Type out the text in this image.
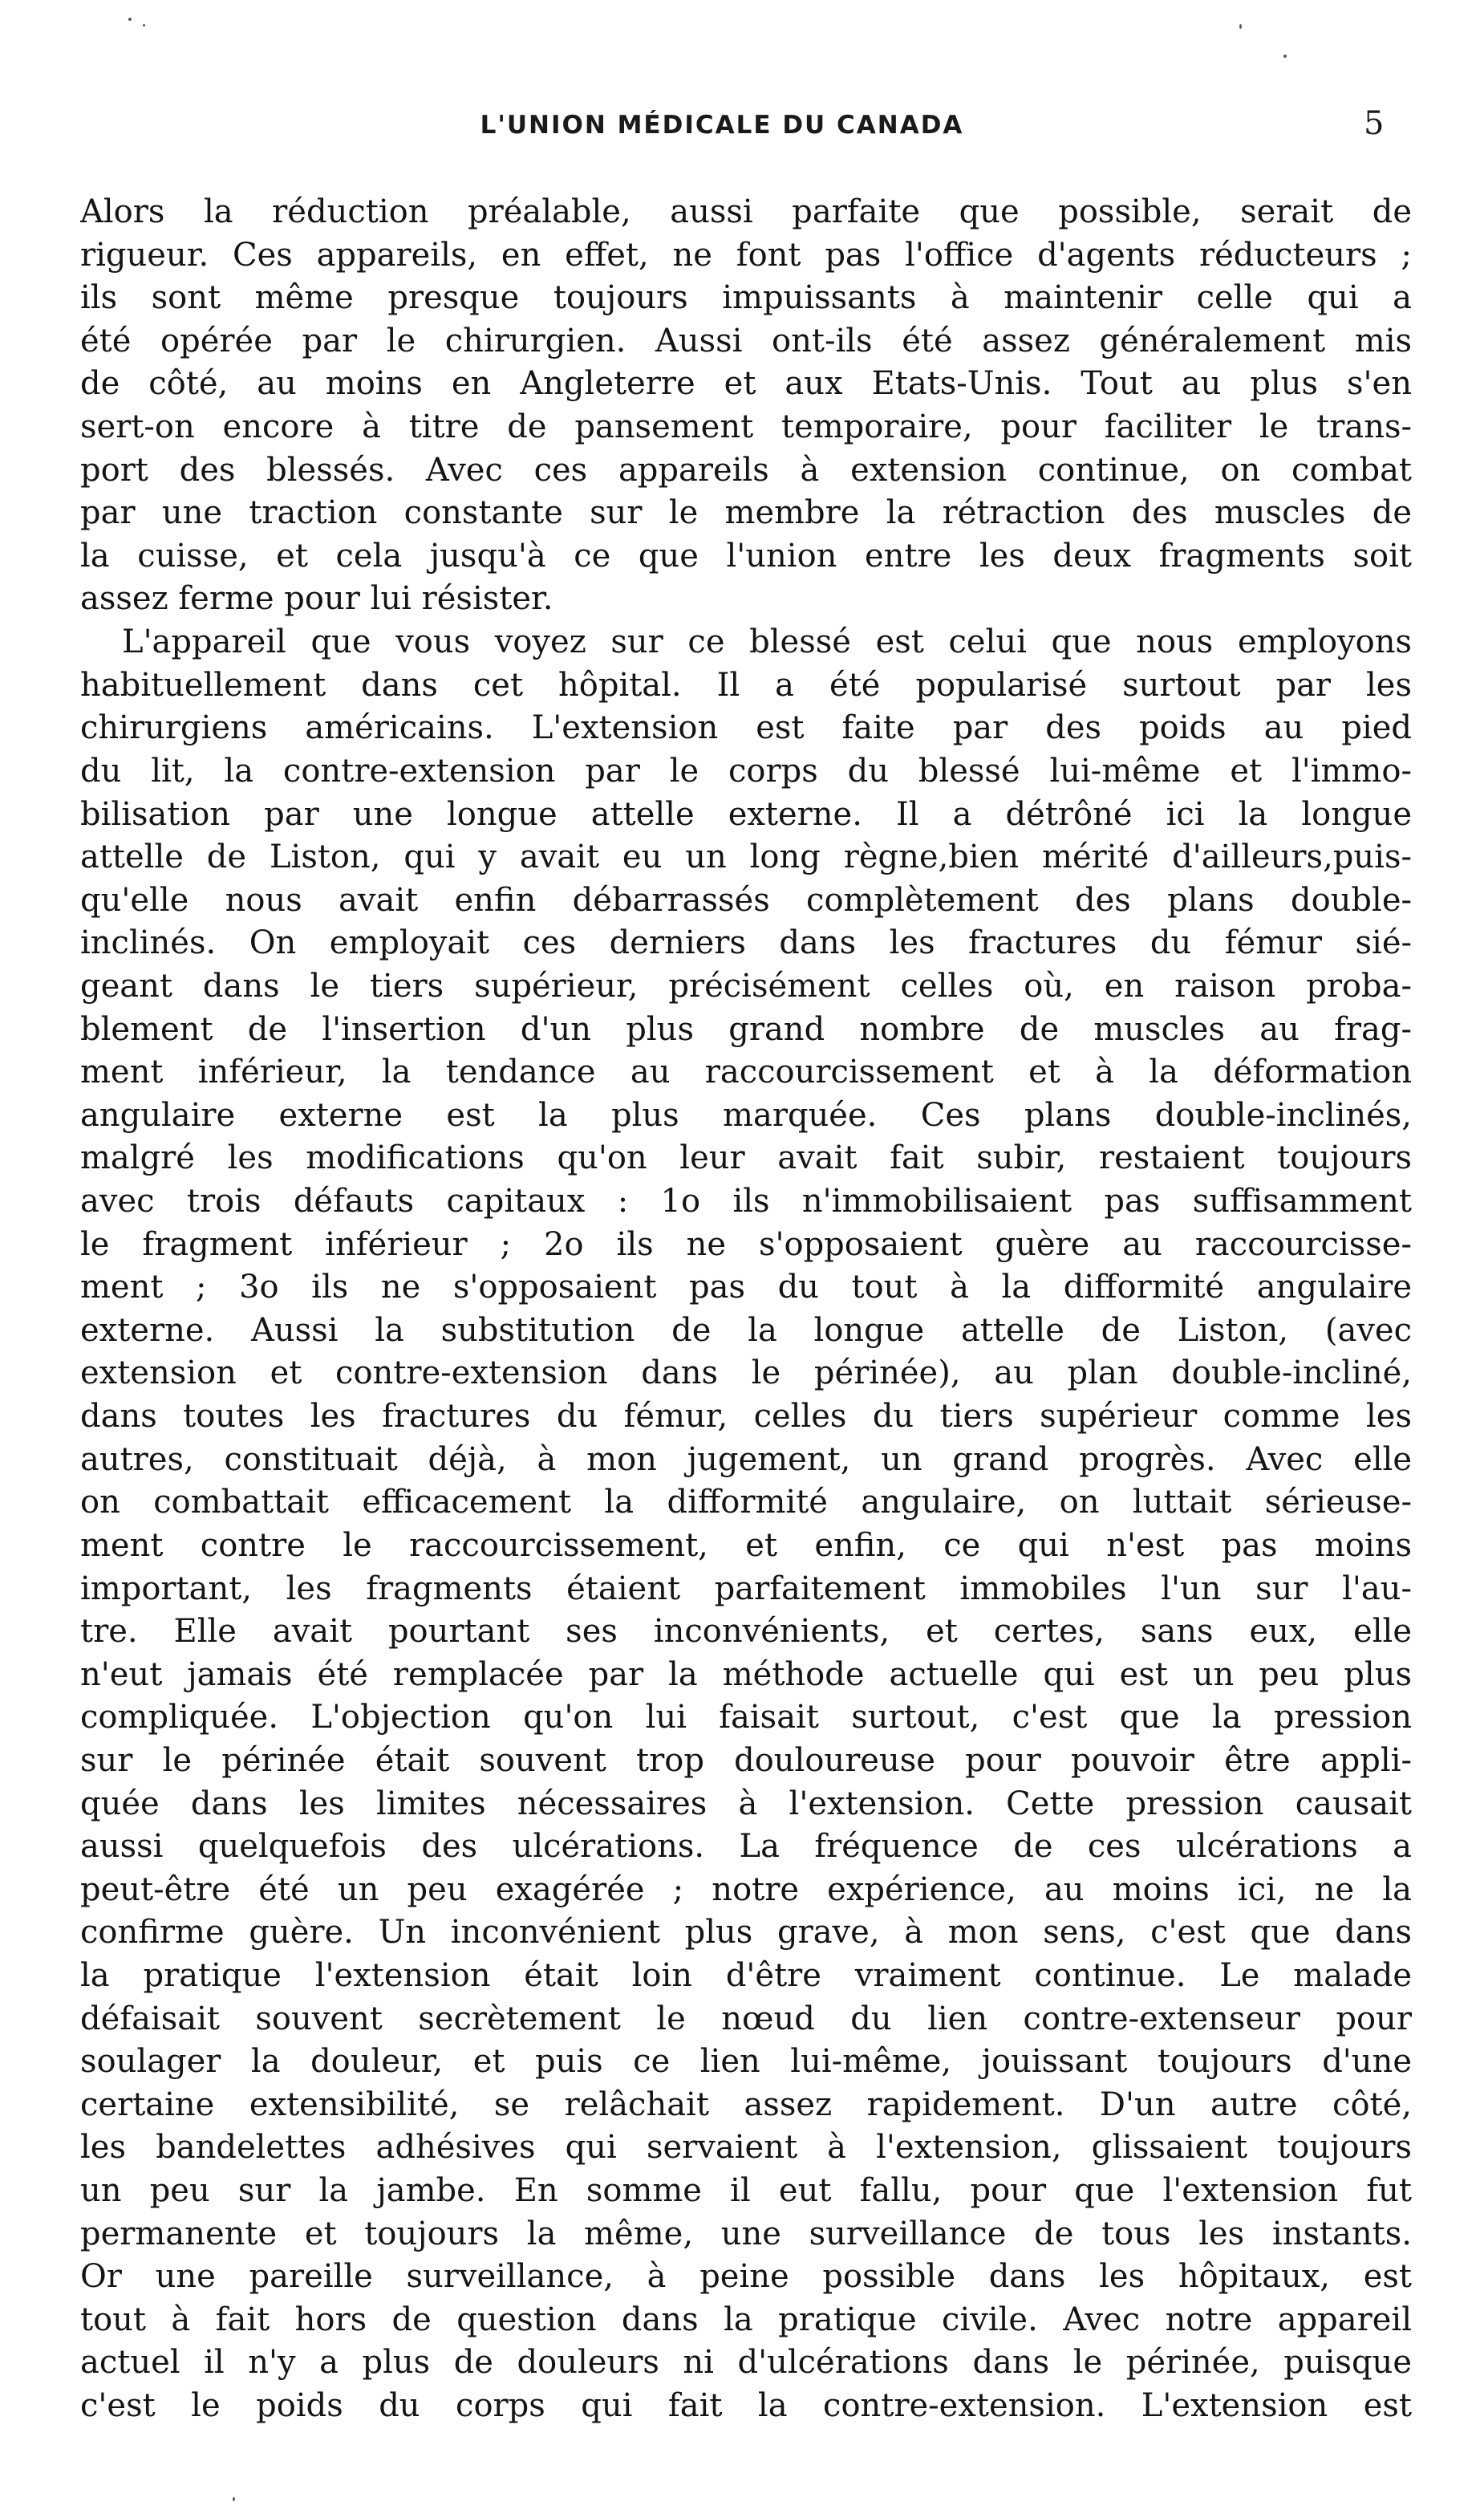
L'UNION MÉDICALE DU CANADA	5
Alors la réduction préalable, aussi parfaite que possible, serait de
rigueur. Ces appareils, en effet, ne font pas l'office d'agents réducteurs ;
ils sont même presque toujours impuissants à maintenir celle qui a
été opérée par le chirurgien. Aussi ont-ils été assez généralement mis
de côté, au moins en Angleterre et aux Etats-Unis. Tout au plus s'en
sert-on encore à titre de pansement temporaire, pour faciliter le trans-
port des blessés. Avec ces appareils à extension continue, on combat
par une traction constante sur le membre la rétraction des muscles de
la cuisse, et cela jusqu'à ce que l'union entre les deux fragments soit
assez ferme pour lui résister.
L'appareil que vous voyez sur ce blessé est celui que nous employons
habituellement dans cet hôpital. Il a été popularisé surtout par les
chirurgiens américains. L'extension est faite par des poids au pied
du lit, la contre-extension par le corps du blessé lui-même et l'immo-
bilisation par une longue attelle externe. Il a détrôné ici la longue
attelle de Liston, qui y avait eu un long règne,bien mérité d'ailleurs,puis-
qu'elle nous avait enfin débarrassés complètement des plans double-
inclinés. On employait ces derniers dans les fractures du fémur sié-
geant dans le tiers supérieur, précisément celles où, en raison proba-
blement de l'insertion d'un plus grand nombre de muscles au frag-
ment inférieur, la tendance au raccourcissement et à la déformation
angulaire externe est la plus marquée. Ces plans double-inclinés,
malgré les modifications qu'on leur avait fait subir, restaient toujours
avec trois défauts capitaux : 1o ils n'immobilisaient pas suffisamment
le fragment inférieur ; 2o ils ne s'opposaient guère au raccourcisse-
ment ; 3o ils ne s'opposaient pas du tout à la difformité angulaire
externe. Aussi la substitution de la longue attelle de Liston, (avec
extension et contre-extension dans le périnée), au plan double-incliné,
dans toutes les fractures du fémur, celles du tiers supérieur comme les
autres, constituait déjà, à mon jugement, un grand progrès. Avec elle
on combattait efficacement la difformité angulaire, on luttait sérieuse-
ment contre le raccourcissement, et enfin, ce qui n'est pas moins
important, les fragments étaient parfaitement immobiles l'un sur l'au-
tre. Elle avait pourtant ses inconvénients, et certes, sans eux, elle
n'eut jamais été remplacée par la méthode actuelle qui est un peu plus
compliquée. L'objection qu'on lui faisait surtout, c'est que la pression
sur le périnée était souvent trop douloureuse pour pouvoir être appli-
quée dans les limites nécessaires à l'extension. Cette pression causait
aussi quelquefois des ulcérations. La fréquence de ces ulcérations a
peut-être été un peu exagérée ; notre expérience, au moins ici, ne la
confirme guère. Un inconvénient plus grave, à mon sens, c'est que dans
la pratique l'extension était loin d'être vraiment continue. Le malade
défaisait souvent secrètement le nœud du lien contre-extenseur pour
soulager la douleur, et puis ce lien lui-même, jouissant toujours d'une
certaine extensibilité, se relâchait assez rapidement. D'un autre côté,
les bandelettes adhésives qui servaient à l'extension, glissaient toujours
un peu sur la jambe. En somme il eut fallu, pour que l'extension fut
permanente et toujours la même, une surveillance de tous les instants.
Or une pareille surveillance, à peine possible dans les hôpitaux, est
tout à fait hors de question dans la pratique civile. Avec notre appareil
actuel il n'y a plus de douleurs ni d'ulcérations dans le périnée, puisque
c'est le poids du corps qui fait la contre-extension. L'extension est
